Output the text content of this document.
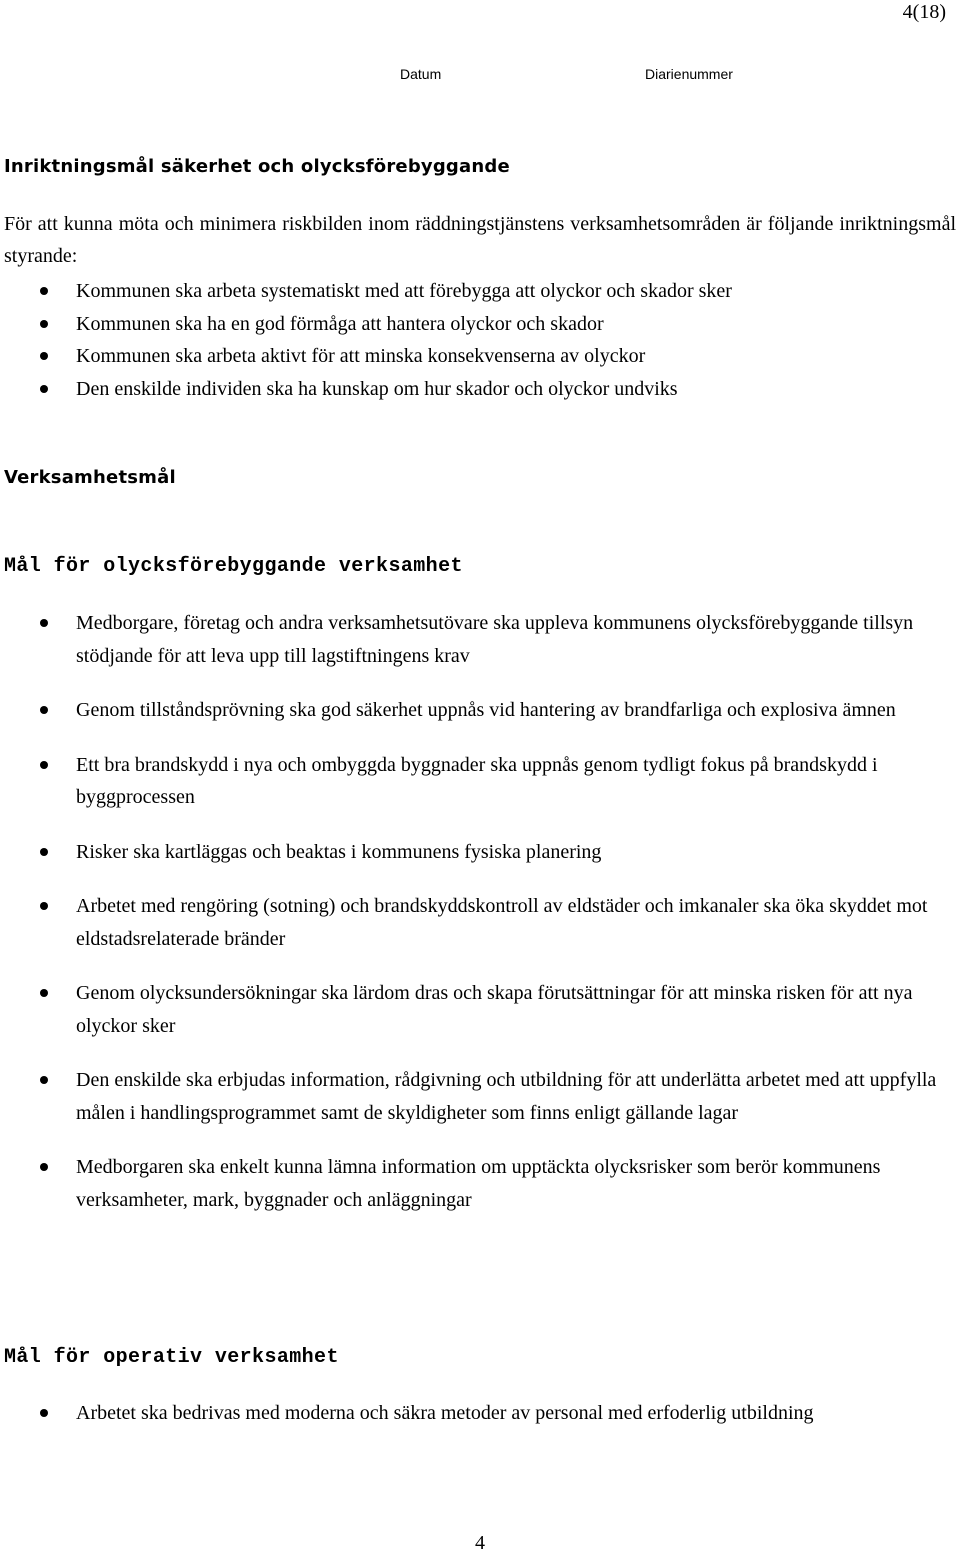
4(18)
Datum	Diarienummer
Inriktningsmål säkerhet och olycksförebyggande
För att kunna möta och minimera riskbilden inom räddningstjänstens verksamhetsområden är följande inriktningsmål styrande:
Kommunen ska arbeta systematiskt med att förebygga att olyckor och skador sker
Kommunen ska ha en god förmåga att hantera olyckor och skador
Kommunen ska arbeta aktivt för att minska konsekvenserna av olyckor
Den enskilde individen ska ha kunskap om hur skador och olyckor undviks
Verksamhetsmål
Mål för olycksförebyggande verksamhet
Medborgare, företag och andra verksamhetsutövare ska uppleva kommunens olycksförebyggande tillsyn stödjande för att leva upp till lagstiftningens krav
Genom tillståndsprövning ska god säkerhet uppnås vid hantering av brandfarliga och explosiva ämnen
Ett bra brandskydd i nya och ombyggda byggnader ska uppnås genom tydligt fokus på brandskydd i byggprocessen
Risker ska kartläggas och beaktas i kommunens fysiska planering
Arbetet med rengöring (sotning) och brandskyddskontroll av eldstäder och imkanaler ska öka skyddet mot eldstadsrelaterade bränder
Genom olycksundersökningar ska lärdom dras och skapa förutsättningar för att minska risken för att nya olyckor sker
Den enskilde ska erbjudas information, rådgivning och utbildning för att underlätta arbetet med att uppfylla målen i handlingsprogrammet samt de skyldigheter som finns enligt gällande lagar
Medborgaren ska enkelt kunna lämna information om upptäckta olycksrisker som berör kommunens verksamheter, mark, byggnader och anläggningar
Mål för operativ verksamhet
Arbetet ska bedrivas med moderna och säkra metoder av personal med erfoderlig utbildning
4
